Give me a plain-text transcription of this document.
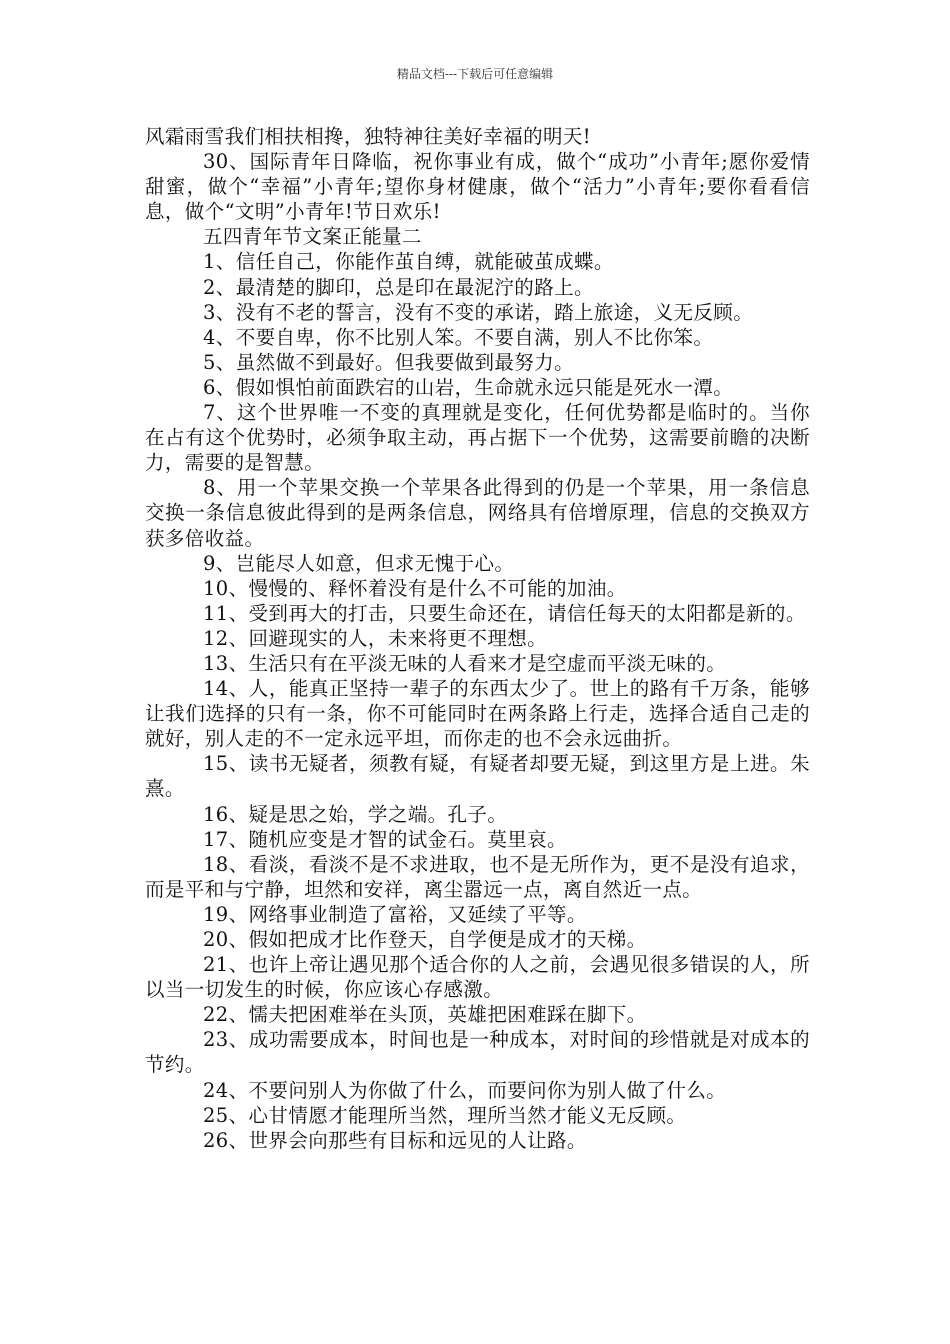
精品文档---下载后可任意编辑

风霜雨雪我们相扶相搀，独特神往美好幸福的明天!

30、国际青年日降临，祝你事业有成，做个“成功”小青年;愿你爱情甜蜜，做个“幸福”小青年;望你身材健康，做个“活力”小青年;要你看看信息，做个“文明”小青年!节日欢乐!

五四青年节文案正能量二

1、信任自己，你能作茧自缚，就能破茧成蝶。

2、最清楚的脚印，总是印在最泥泞的路上。

3、没有不老的誓言，没有不变的承诺，踏上旅途，义无反顾。

4、不要自卑，你不比别人笨。不要自满，别人不比你笨。

5、虽然做不到最好。但我要做到最努力。

6、假如惧怕前面跌宕的山岩，生命就永远只能是死水一潭。

7、这个世界唯一不变的真理就是变化，任何优势都是临时的。当你在占有这个优势时，必须争取主动，再占据下一个优势，这需要前瞻的决断力，需要的是智慧。

8、用一个苹果交换一个苹果各此得到的仍是一个苹果，用一条信息交换一条信息彼此得到的是两条信息，网络具有倍增原理，信息的交换双方获多倍收益。

9、岂能尽人如意，但求无愧于心。

10、慢慢的、释怀着没有是什么不可能的加油。

11、受到再大的打击，只要生命还在，请信任每天的太阳都是新的。

12、回避现实的人，未来将更不理想。

13、生活只有在平淡无味的人看来才是空虚而平淡无味的。

14、人，能真正坚持一辈子的东西太少了。世上的路有千万条，能够让我们选择的只有一条，你不可能同时在两条路上行走，选择合适自己走的就好，别人走的不一定永远平坦，而你走的也不会永远曲折。

15、读书无疑者，须教有疑，有疑者却要无疑，到这里方是上进。朱熹。

16、疑是思之始，学之端。孔子。

17、随机应变是才智的试金石。莫里哀。

18、看淡，看淡不是不求进取，也不是无所作为，更不是没有追求，而是平和与宁静，坦然和安祥，离尘嚣远一点，离自然近一点。

19、网络事业制造了富裕，又延续了平等。

20、假如把成才比作登天，自学便是成才的天梯。

21、也许上帝让遇见那个适合你的人之前，会遇见很多错误的人，所以当一切发生的时候，你应该心存感激。

22、懦夫把困难举在头顶，英雄把困难踩在脚下。

23、成功需要成本，时间也是一种成本，对时间的珍惜就是对成本的节约。

24、不要问别人为你做了什么，而要问你为别人做了什么。

25、心甘情愿才能理所当然，理所当然才能义无反顾。

26、世界会向那些有目标和远见的人让路。
